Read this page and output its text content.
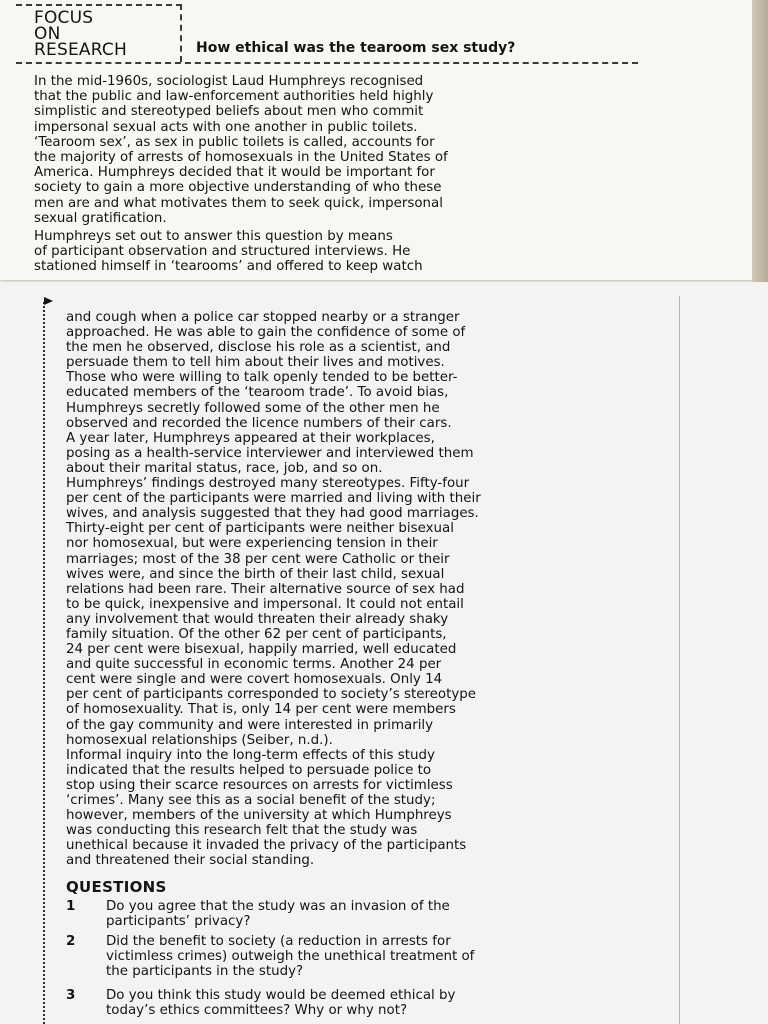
FOCUS
ON
RESEARCH	How ethical was the tearoom sex study?

In the mid-1960s, sociologist Laud Humphreys recognised
that the public and law-enforcement authorities held highly
simplistic and stereotyped beliefs about men who commit
impersonal sexual acts with one another in public toilets.
‘Tearoom sex’, as sex in public toilets is called, accounts for
the majority of arrests of homosexuals in the United States of
America. Humphreys decided that it would be important for
society to gain a more objective understanding of who these
men are and what motivates them to seek quick, impersonal
sexual gratification.

Humphreys set out to answer this question by means
of participant observation and structured interviews. He
stationed himself in ‘tearooms’ and offered to keep watch

and cough when a police car stopped nearby or a stranger
approached. He was able to gain the confidence of some of
the men he observed, disclose his role as a scientist, and
persuade them to tell him about their lives and motives.
Those who were willing to talk openly tended to be better-
educated members of the ‘tearoom trade’. To avoid bias,
Humphreys secretly followed some of the other men he
observed and recorded the licence numbers of their cars.
A year later, Humphreys appeared at their workplaces,
posing as a health-service interviewer and interviewed them
about their marital status, race, job, and so on.
Humphreys’ findings destroyed many stereotypes. Fifty-four
per cent of the participants were married and living with their
wives, and analysis suggested that they had good marriages.
Thirty-eight per cent of participants were neither bisexual
nor homosexual, but were experiencing tension in their
marriages; most of the 38 per cent were Catholic or their
wives were, and since the birth of their last child, sexual
relations had been rare. Their alternative source of sex had
to be quick, inexpensive and impersonal. It could not entail
any involvement that would threaten their already shaky
family situation. Of the other 62 per cent of participants,
24 per cent were bisexual, happily married, well educated
and quite successful in economic terms. Another 24 per
cent were single and were covert homosexuals. Only 14
per cent of participants corresponded to society’s stereotype
of homosexuality. That is, only 14 per cent were members
of the gay community and were interested in primarily
homosexual relationships (Seiber, n.d.).
Informal inquiry into the long-term effects of this study
indicated that the results helped to persuade police to
stop using their scarce resources on arrests for victimless
‘crimes’. Many see this as a social benefit of the study;
however, members of the university at which Humphreys
was conducting this research felt that the study was
unethical because it invaded the privacy of the participants
and threatened their social standing.

QUESTIONS
1 Do you agree that the study was an invasion of the
participants’ privacy?
2 Did the benefit to society (a reduction in arrests for
victimless crimes) outweigh the unethical treatment of
the participants in the study?
3 Do you think this study would be deemed ethical by
today’s ethics committees? Why or why not?
